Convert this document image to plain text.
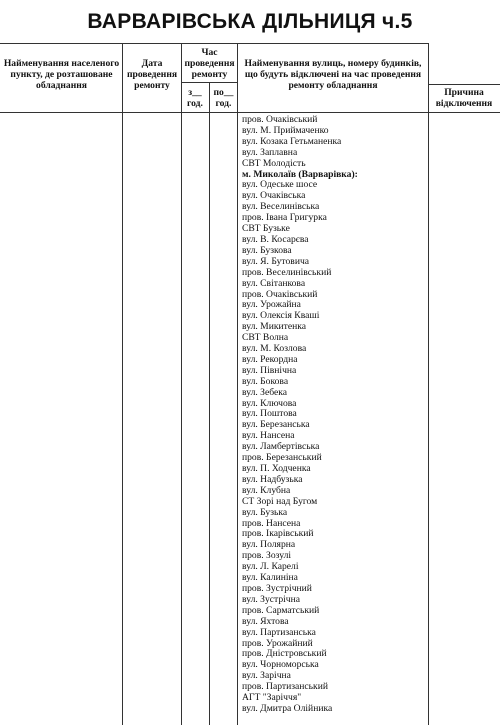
ВАРВАРІВСЬКА ДІЛЬНИЦЯ ч.5
Найменування населеного пункту, де розташоване обладнання
Дата проведення ремонту
Час проведення ремонту
з__ год.
по__ год.
Найменування вулиць, номеру будинків, що будуть відключені на час проведення ремонту обладнання
Причина відключення
пров. Очаківський
вул. М. Приймаченко
вул. Козака Гетьманенка
вул. Заплавна
СВТ Молодість
м. Миколаїв (Варварівка):
вул. Одеське шосе
вул. Очаківська
вул. Веселинівська
пров. Івана Григурка
СВТ Бузьке
вул. В. Косарєва
вул. Бузкова
вул. Я. Бутовича
пров. Веселинівський
вул. Світанкова
пров. Очаківський
вул. Урожайна
вул. Олексія Кваші
вул. Микитенка
СВТ Волна
вул. М. Козлова
вул. Рекордна
вул. Північна
вул. Бокова
вул. Зебека
вул. Ключова
вул. Поштова
вул. Березанська
вул. Нансена
вул. Ламбертівська
пров. Березанський
вул. П. Ходченка
вул. Надбузька
вул. Клубна
СТ Зорі над Бугом
вул. Бузька
пров. Нансена
пров. Ікарівський
вул. Полярна
пров. Зозулі
вул. Л. Карелі
вул. Калиніна
пров. Зустрічний
вул. Зустрічна
пров. Сарматський
вул. Яхтова
вул. Партизанська
пров. Урожайний
пров. Дністровський
вул. Чорноморська
вул. Зарічна
пров. Партизанський
АГТ "Заріччя"
вул. Дмитра Олійника
